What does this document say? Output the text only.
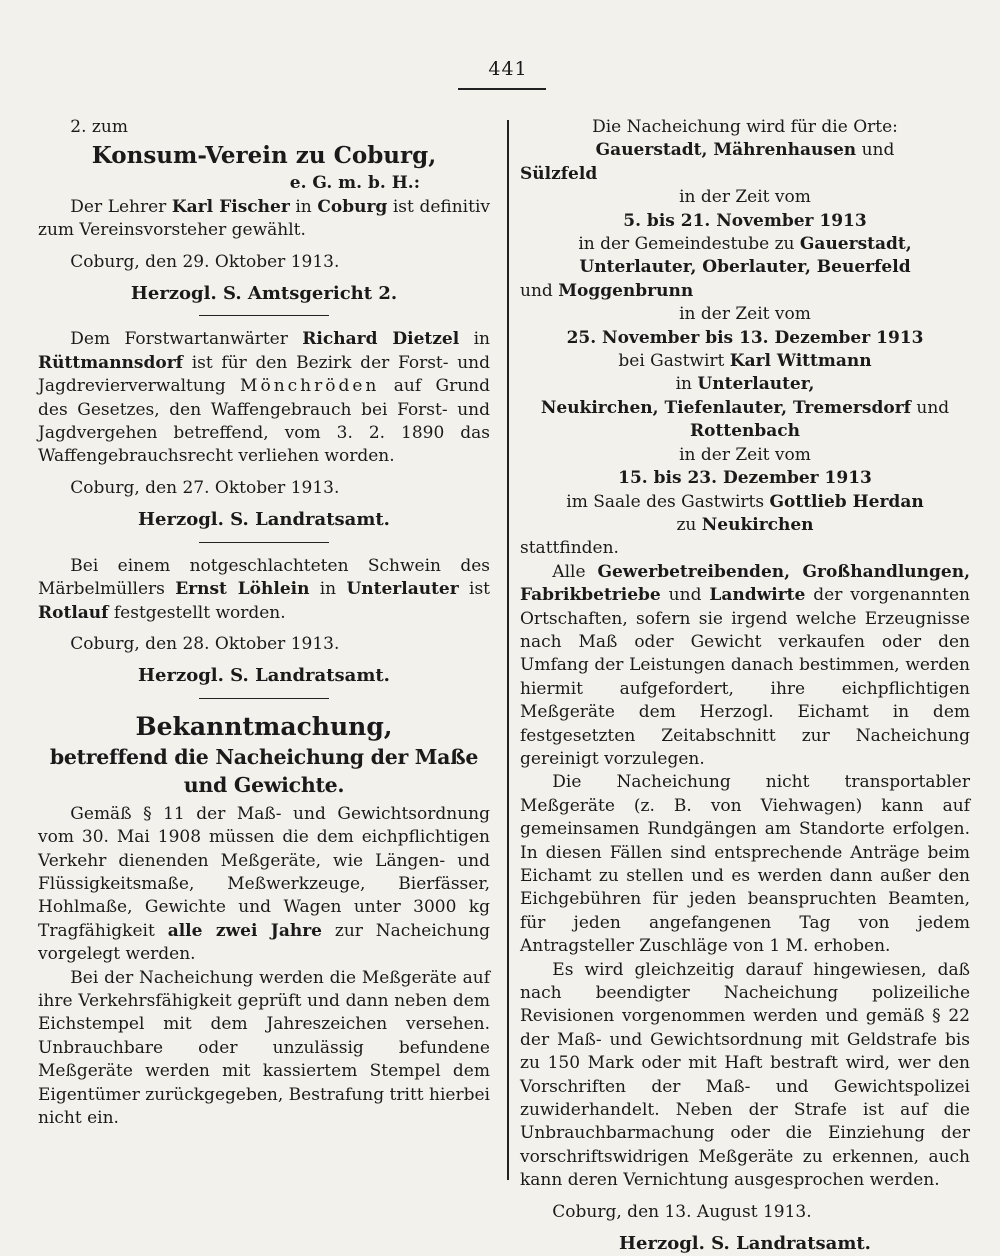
441

2. zum

Konsum-Verein zu Coburg,

e. G. m. b. H.:

Der Lehrer Karl Fischer in Coburg ist definitiv zum Vereinsvorsteher gewählt.

Coburg, den 29. Oktober 1913.

Herzogl. S. Amtsgericht 2.

Dem Forstwartanwärter Richard Dietzel in Rüttmannsdorf ist für den Bezirk der Forst- und Jagdrevierverwaltung Mönchröden auf Grund des Gesetzes, den Waffengebrauch bei Forst- und Jagdvergehen betreffend, vom 3. 2. 1890 das Waffengebrauchsrecht verliehen worden.

Coburg, den 27. Oktober 1913.

Herzogl. S. Landratsamt.

Bei einem notgeschlachteten Schwein des Märbelmüllers Ernst Löhlein in Unterlauter ist Rotlauf festgestellt worden.

Coburg, den 28. Oktober 1913.

Herzogl. S. Landratsamt.

Bekanntmachung,

betreffend die Nacheichung der Maße und Gewichte.

Gemäß § 11 der Maß- und Gewichtsordnung vom 30. Mai 1908 müssen die dem eichpflichtigen Verkehr dienenden Meßgeräte, wie Längen- und Flüssigkeitsmaße, Meßwerkzeuge, Bierfässer, Hohlmaße, Gewichte und Wagen unter 3000 kg Tragfähigkeit alle zwei Jahre zur Nacheichung vorgelegt werden.

Bei der Nacheichung werden die Meßgeräte auf ihre Verkehrsfähigkeit geprüft und dann neben dem Eichstempel mit dem Jahreszeichen versehen. Unbrauchbare oder unzulässig befundene Meßgeräte werden mit kassiertem Stempel dem Eigentümer zurückgegeben, Bestrafung tritt hierbei nicht ein.

Die Nacheichung wird für die Orte:

Gauerstadt, Mährenhausen und

Sülzfeld

in der Zeit vom

5. bis 21. November 1913

in der Gemeindestube zu Gauerstadt,

Unterlauter, Oberlauter, Beuerfeld

und Moggenbrunn

in der Zeit vom

25. November bis 13. Dezember 1913

bei Gastwirt Karl Wittmann

in Unterlauter,

Neukirchen, Tiefenlauter, Tremersdorf und Rottenbach

in der Zeit vom

15. bis 23. Dezember 1913

im Saale des Gastwirts Gottlieb Herdan

zu Neukirchen

stattfinden.

Alle Gewerbetreibenden, Großhandlungen, Fabrikbetriebe und Landwirte der vorgenannten Ortschaften, sofern sie irgend welche Erzeugnisse nach Maß oder Gewicht verkaufen oder den Umfang der Leistungen danach bestimmen, werden hiermit aufgefordert, ihre eichpflichtigen Meßgeräte dem Herzogl. Eichamt in dem festgesetzten Zeitabschnitt zur Nacheichung gereinigt vorzulegen.

Die Nacheichung nicht transportabler Meßgeräte (z. B. von Viehwagen) kann auf gemeinsamen Rundgängen am Standorte erfolgen. In diesen Fällen sind entsprechende Anträge beim Eichamt zu stellen und es werden dann außer den Eichgebühren für jeden beanspruchten Beamten, für jeden angefangenen Tag von jedem Antragsteller Zuschläge von 1 M. erhoben.

Es wird gleichzeitig darauf hingewiesen, daß nach beendigter Nacheichung polizeiliche Revisionen vorgenommen werden und gemäß § 22 der Maß- und Gewichtsordnung mit Geldstrafe bis zu 150 Mark oder mit Haft bestraft wird, wer den Vorschriften der Maß- und Gewichtspolizei zuwiderhandelt. Neben der Strafe ist auf die Unbrauchbarmachung oder die Einziehung der vorschriftswidrigen Meßgeräte zu erkennen, auch kann deren Vernichtung ausgesprochen werden.

Coburg, den 13. August 1913.

Herzogl. S. Landratsamt.
